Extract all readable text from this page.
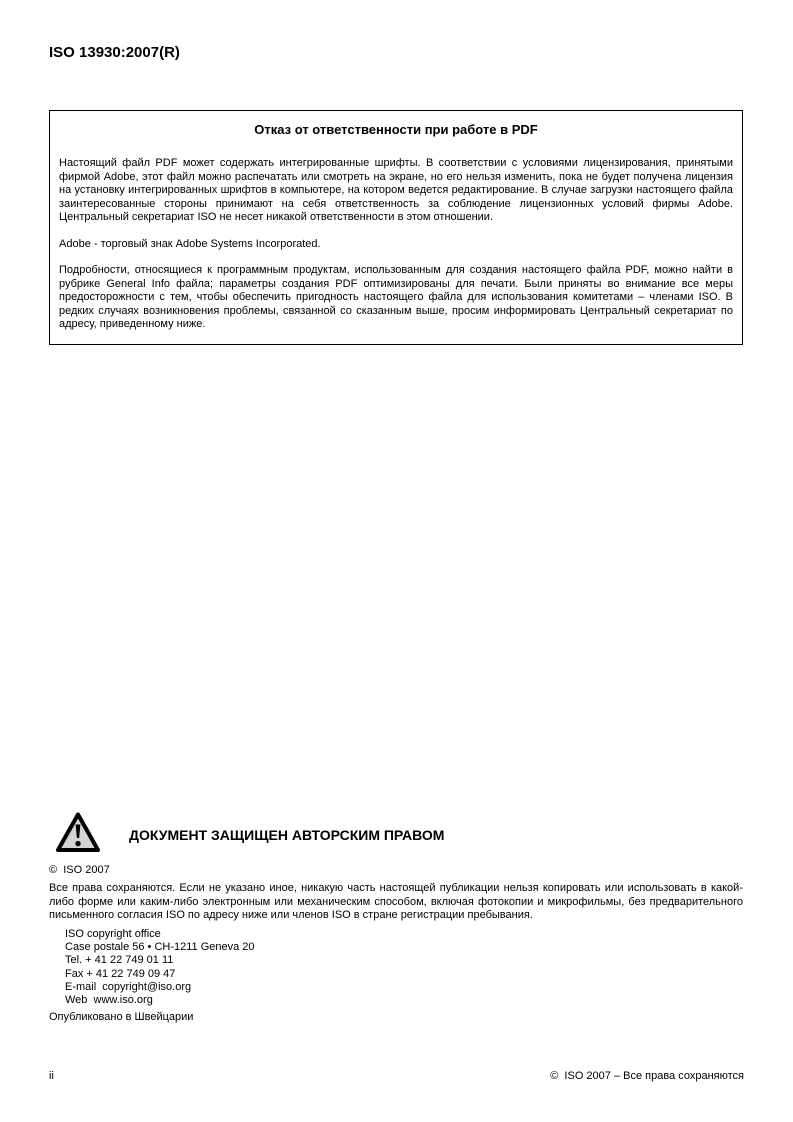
ISO 13930:2007(R)
Отказ от ответственности при работе в PDF

Настоящий файл PDF может содержать интегрированные шрифты. В соответствии с условиями лицензирования, принятыми фирмой Adobe, этот файл можно распечатать или смотреть на экране, но его нельзя изменить, пока не будет получена лицензия на установку интегрированных шрифтов в компьютере, на котором ведется редактирование. В случае загрузки настоящего файла заинтересованные стороны принимают на себя ответственность за соблюдение лицензионных условий фирмы Adobe. Центральный секретариат ISO не несет никакой ответственности в этом отношении.

Adobe - торговый знак Adobe Systems Incorporated.

Подробности, относящиеся к программным продуктам, использованным для создания настоящего файла PDF, можно найти в рубрике General Info файла; параметры создания PDF оптимизированы для печати. Были приняты во внимание все меры предосторожности с тем, чтобы обеспечить пригодность настоящего файла для использования комитетами – членами ISO. В редких случаях возникновения проблемы, связанной со сказанным выше, просим информировать Центральный секретариат по адресу, приведенному ниже.

ДОКУМЕНТ ЗАЩИЩЕН АВТОРСКИМ ПРАВОМ
©  ISO 2007
Все права сохраняются. Если не указано иное, никакую часть настоящей публикации нельзя копировать или использовать в какой-либо форме или каким-либо электронным или механическим способом, включая фотокопии и микрофильмы, без предварительного письменного согласия ISO по адресу ниже или членов ISO в стране регистрации пребывания.
ISO copyright office
Case postale 56 • CH-1211 Geneva 20
Tel. + 41 22 749 01 11
Fax + 41 22 749 09 47
E-mail  copyright@iso.org
Web  www.iso.org
Опубликовано в Швейцарии
ii	©  ISO 2007 – Все права сохраняются
